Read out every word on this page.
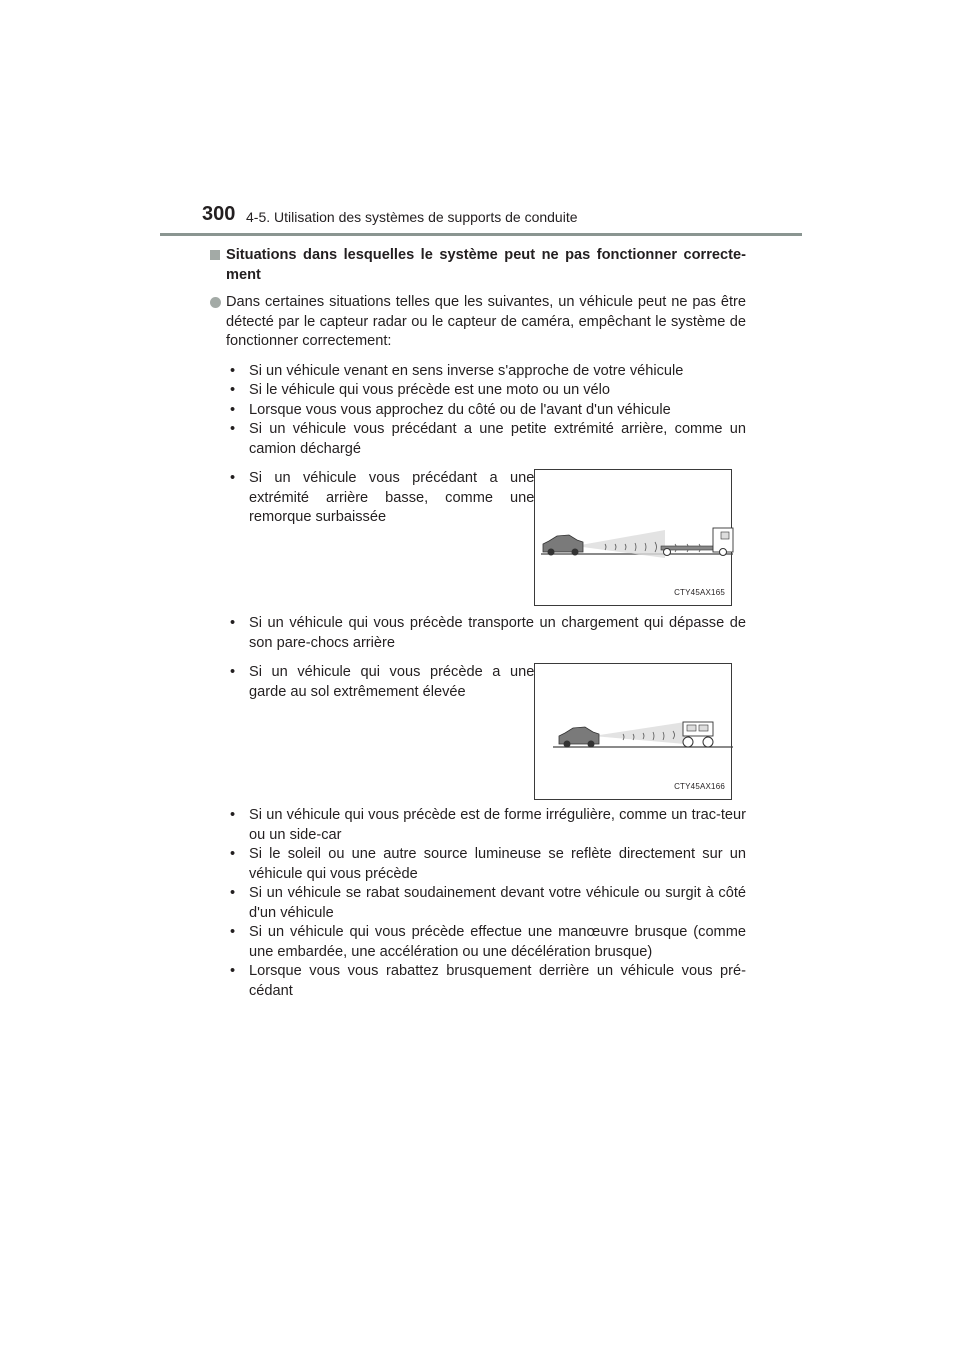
300 4-5. Utilisation des systèmes de supports de conduite
Situations dans lesquelles le système peut ne pas fonctionner correcte-ment
Dans certaines situations telles que les suivantes, un véhicule peut ne pas être détecté par le capteur radar ou le capteur de caméra, empêchant le système de fonctionner correctement:
• Si un véhicule venant en sens inverse s'approche de votre véhicule
• Si le véhicule qui vous précède est une moto ou un vélo
• Lorsque vous vous approchez du côté ou de l'avant d'un véhicule
• Si un véhicule vous précédant a une petite extrémité arrière, comme un camion déchargé
• Si un véhicule vous précédant a une extrémité arrière basse, comme une remorque surbaissée
CTY45AX165
• Si un véhicule qui vous précède transporte un chargement qui dépasse de son pare-chocs arrière
• Si un véhicule qui vous précède a une garde au sol extrêmement élevée
CTY45AX166
• Si un véhicule qui vous précède est de forme irrégulière, comme un trac-teur ou un side-car
• Si le soleil ou une autre source lumineuse se reflète directement sur un véhicule qui vous précède
• Si un véhicule se rabat soudainement devant votre véhicule ou surgit à côté d'un véhicule
• Si un véhicule qui vous précède effectue une manœuvre brusque (comme une embardée, une accélération ou une décélération brusque)
• Lorsque vous vous rabattez brusquement derrière un véhicule vous pré-cédant
